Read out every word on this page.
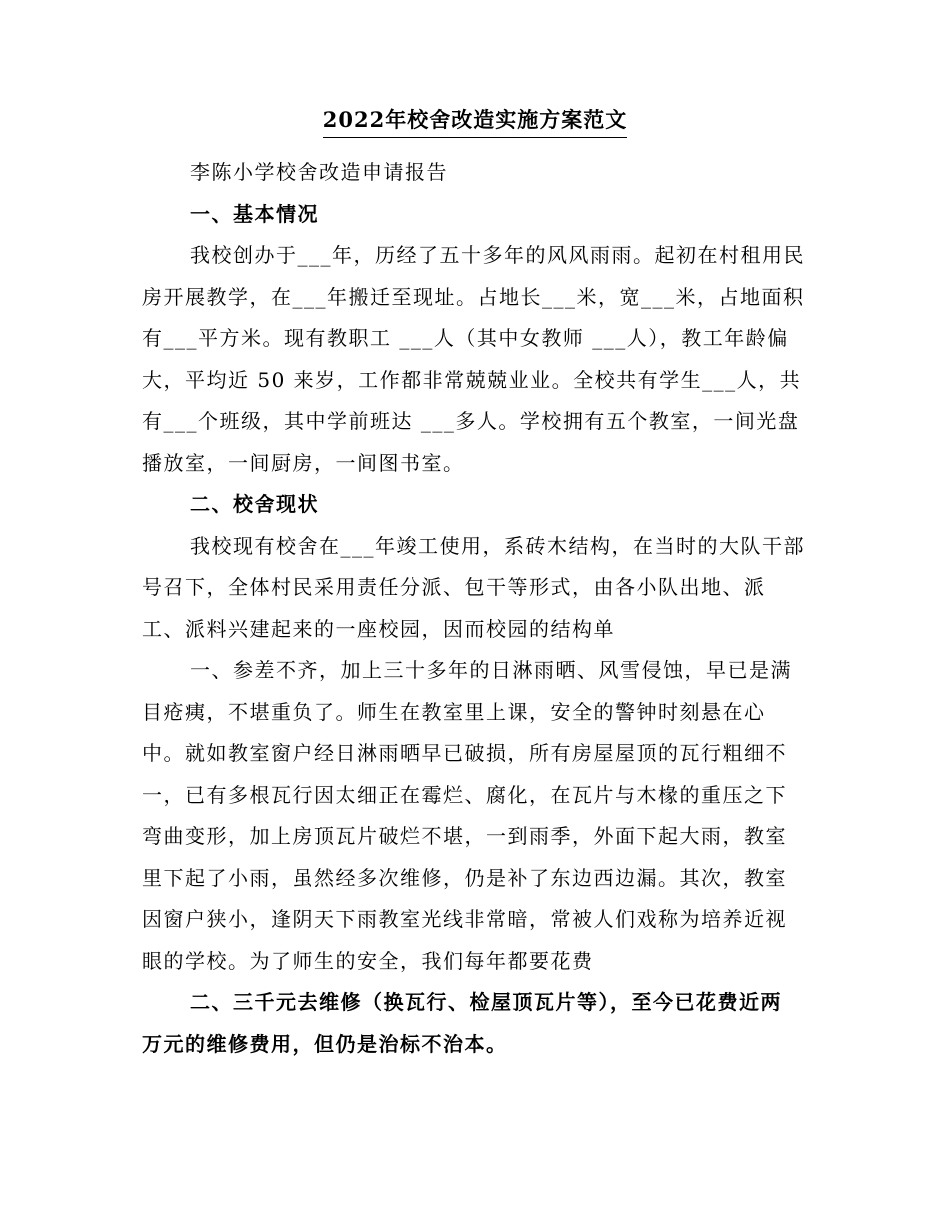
2022年校舍改造实施方案范文
李陈小学校舍改造申请报告
一、基本情况
我校创办于___年，历经了五十多年的风风雨雨。起初在村租用民
房开展教学，在___年搬迁至现址。占地长___米，宽___米，占地面积
有___平方米。现有教职工 ___人（其中女教师 ___人），教工年龄偏
大，平均近 50 来岁，工作都非常兢兢业业。全校共有学生___人，共
有___个班级，其中学前班达 ___多人。学校拥有五个教室，一间光盘
播放室，一间厨房，一间图书室。
二、校舍现状
我校现有校舍在___年竣工使用，系砖木结构，在当时的大队干部
号召下，全体村民采用责任分派、包干等形式，由各小队出地、派
工、派料兴建起来的一座校园，因而校园的结构单
一、参差不齐，加上三十多年的日淋雨晒、风雪侵蚀，早已是满
目疮痍，不堪重负了。师生在教室里上课，安全的警钟时刻悬在心
中。就如教室窗户经日淋雨晒早已破损，所有房屋屋顶的瓦行粗细不
一，已有多根瓦行因太细正在霉烂、腐化，在瓦片与木椽的重压之下
弯曲变形，加上房顶瓦片破烂不堪，一到雨季，外面下起大雨，教室
里下起了小雨，虽然经多次维修，仍是补了东边西边漏。其次，教室
因窗户狭小，逢阴天下雨教室光线非常暗，常被人们戏称为培养近视
眼的学校。为了师生的安全，我们每年都要花费
二、三千元去维修（换瓦行、检屋顶瓦片等），至今已花费近两
万元的维修费用，但仍是治标不治本。
